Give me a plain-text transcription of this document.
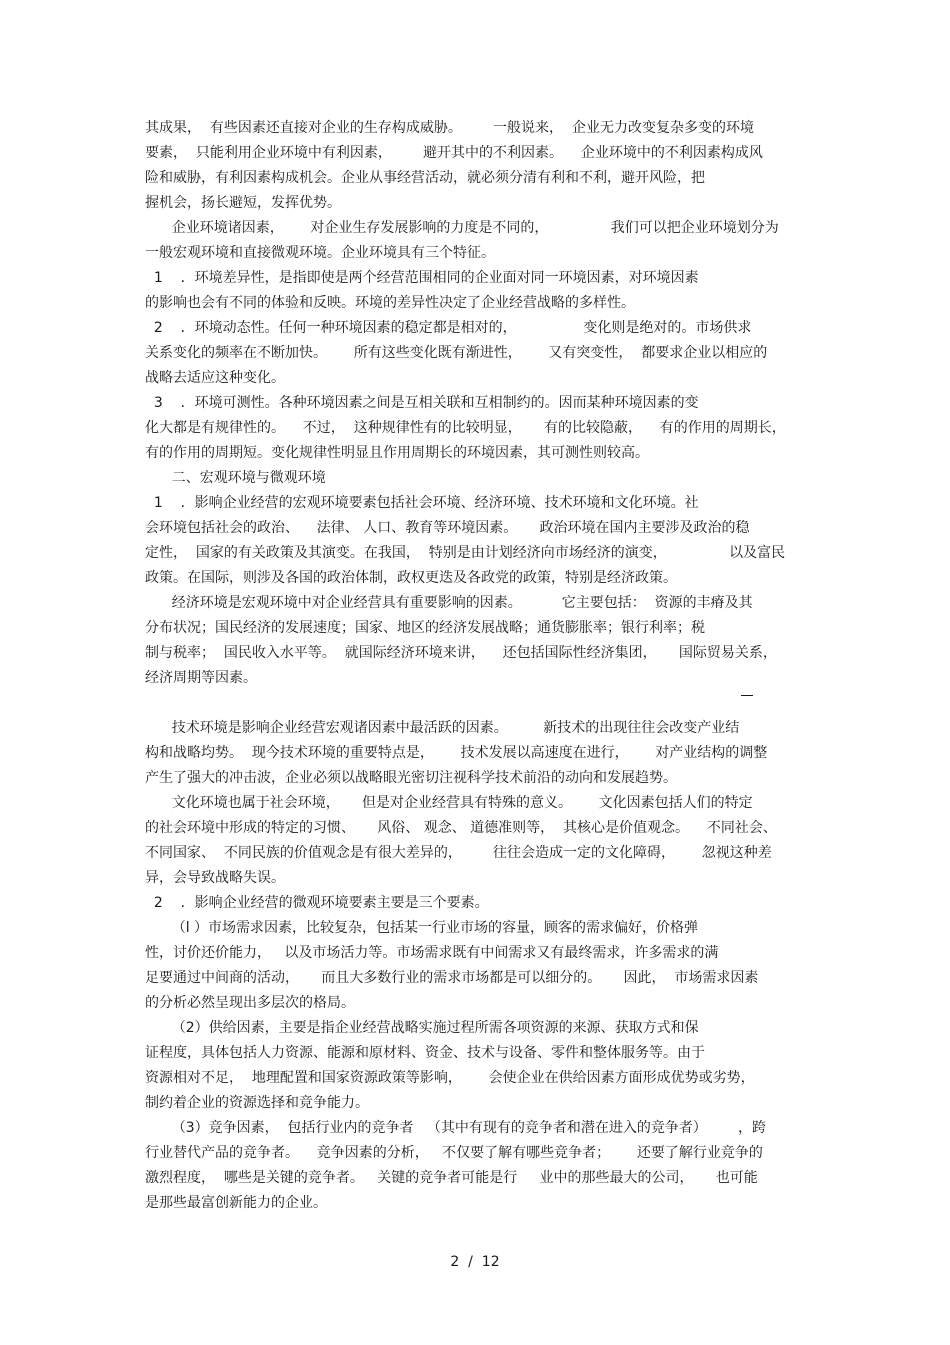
其成果，  有些因素还直接对企业的生存构成威胁。       一般说来，  企业无力改变复杂多变的环境
要素，  只能利用企业环境中有利因素，       避开其中的不利因素。    企业环境中的不利因素构成风
险和威胁，有利因素构成机会。企业从事经营活动，就必须分清有利和不利，避开风险，把
握机会，扬长避短，发挥优势。
企业环境诸因素，      对企业生存发展影响的力度是不同的，              我们可以把企业环境划分为
一般宏观环境和直接微观环境。企业环境具有三个特征。
1    ．环境差异性，是指即使是两个经营范围相同的企业面对同一环境因素，对环境因素
的影响也会有不同的体验和反映。环境的差异性决定了企业经营战略的多样性。
2    ．环境动态性。任何一种环境因素的稳定都是相对的，               变化则是绝对的。市场供求
关系变化的频率在不断加快。      所有这些变化既有渐进性，      又有突变性，  都要求企业以相应的
战略去适应这种变化。
3    ．环境可测性。各种环境因素之间是互相关联和互相制约的。因而某种环境因素的变
化大都是有规律性的。    不过，  这种规律性有的比较明显，     有的比较隐蔽，    有的作用的周期长，
有的作用的周期短。变化规律性明显且作用周期长的环境因素，其可测性则较高。
二、宏观环境与微观环境
1    ．影响企业经营的宏观环境要素包括社会环境、经济环境、技术环境和文化环境。社
会环境包括社会的政治、    法律、 人口、教育等环境因素。     政治环境在国内主要涉及政治的稳
定性，  国家的有关政策及其演变。在我国，  特别是由计划经济向市场经济的演变，              以及富民
政策。在国际，则涉及各国的政治体制，政权更迭及各政党的政策，特别是经济政策。
经济环境是宏观环境中对企业经营具有重要影响的因素。         它主要包括：  资源的丰瘠及其
分布状况；国民经济的发展速度；国家、地区的经济发展战略；通货膨胀率；银行利率；税
制与税率；  国民收入水平等。  就国际经济环境来讲，    还包括国际性经济集团，     国际贸易关系，
经济周期等因素。
技术环境是影响企业经营宏观诸因素中最活跃的因素。        新技术的出现往往会改变产业结
构和战略均势。  现今技术环境的重要特点是，      技术发展以高速度在进行，      对产业结构的调整
产生了强大的冲击波，企业必须以战略眼光密切注视科学技术前沿的动向和发展趋势。
文化环境也属于社会环境，     但是对企业经营具有特殊的意义。      文化因素包括人们的特定
的社会环境中形成的特定的习惯、     风俗、 观念、 道德准则等，  其核心是价值观念。    不同社会、
不同国家、  不同民族的价值观念是有很大差异的，       往往会造成一定的文化障碍，      忽视这种差
异，会导致战略失误。
2    ．影响企业经营的微观环境要素主要是三个要素。
（l ）市场需求因素，比较复杂，包括某一行业市场的容量，顾客的需求偏好，价格弹
性，讨价还价能力，   以及市场活力等。市场需求既有中间需求又有最终需求，许多需求的满
足要通过中间商的活动，     而且大多数行业的需求市场都是可以细分的。     因此，  市场需求因素
的分析必然呈现出多层次的格局。
（2）供给因素，主要是指企业经营战略实施过程所需各项资源的来源、获取方式和保
证程度，具体包括人力资源、能源和原材料、资金、技术与设备、零件和整体服务等。由于
资源相对不足，  地理配置和国家资源政策等影响，      会使企业在供给因素方面形成优势或劣势，
制约着企业的资源选择和竞争能力。
（3）竞争因素，  包括行业内的竞争者   （其中有现有的竞争者和潜在进入的竞争者）       ，跨
行业替代产品的竞争者。    竞争因素的分析，   不仅要了解有哪些竞争者；      还要了解行业竞争的
激烈程度，  哪些是关键的竞争者。   关键的竞争者可能是行     业中的那些最大的公司，     也可能
是那些最富创新能力的企业。
2  /  12
